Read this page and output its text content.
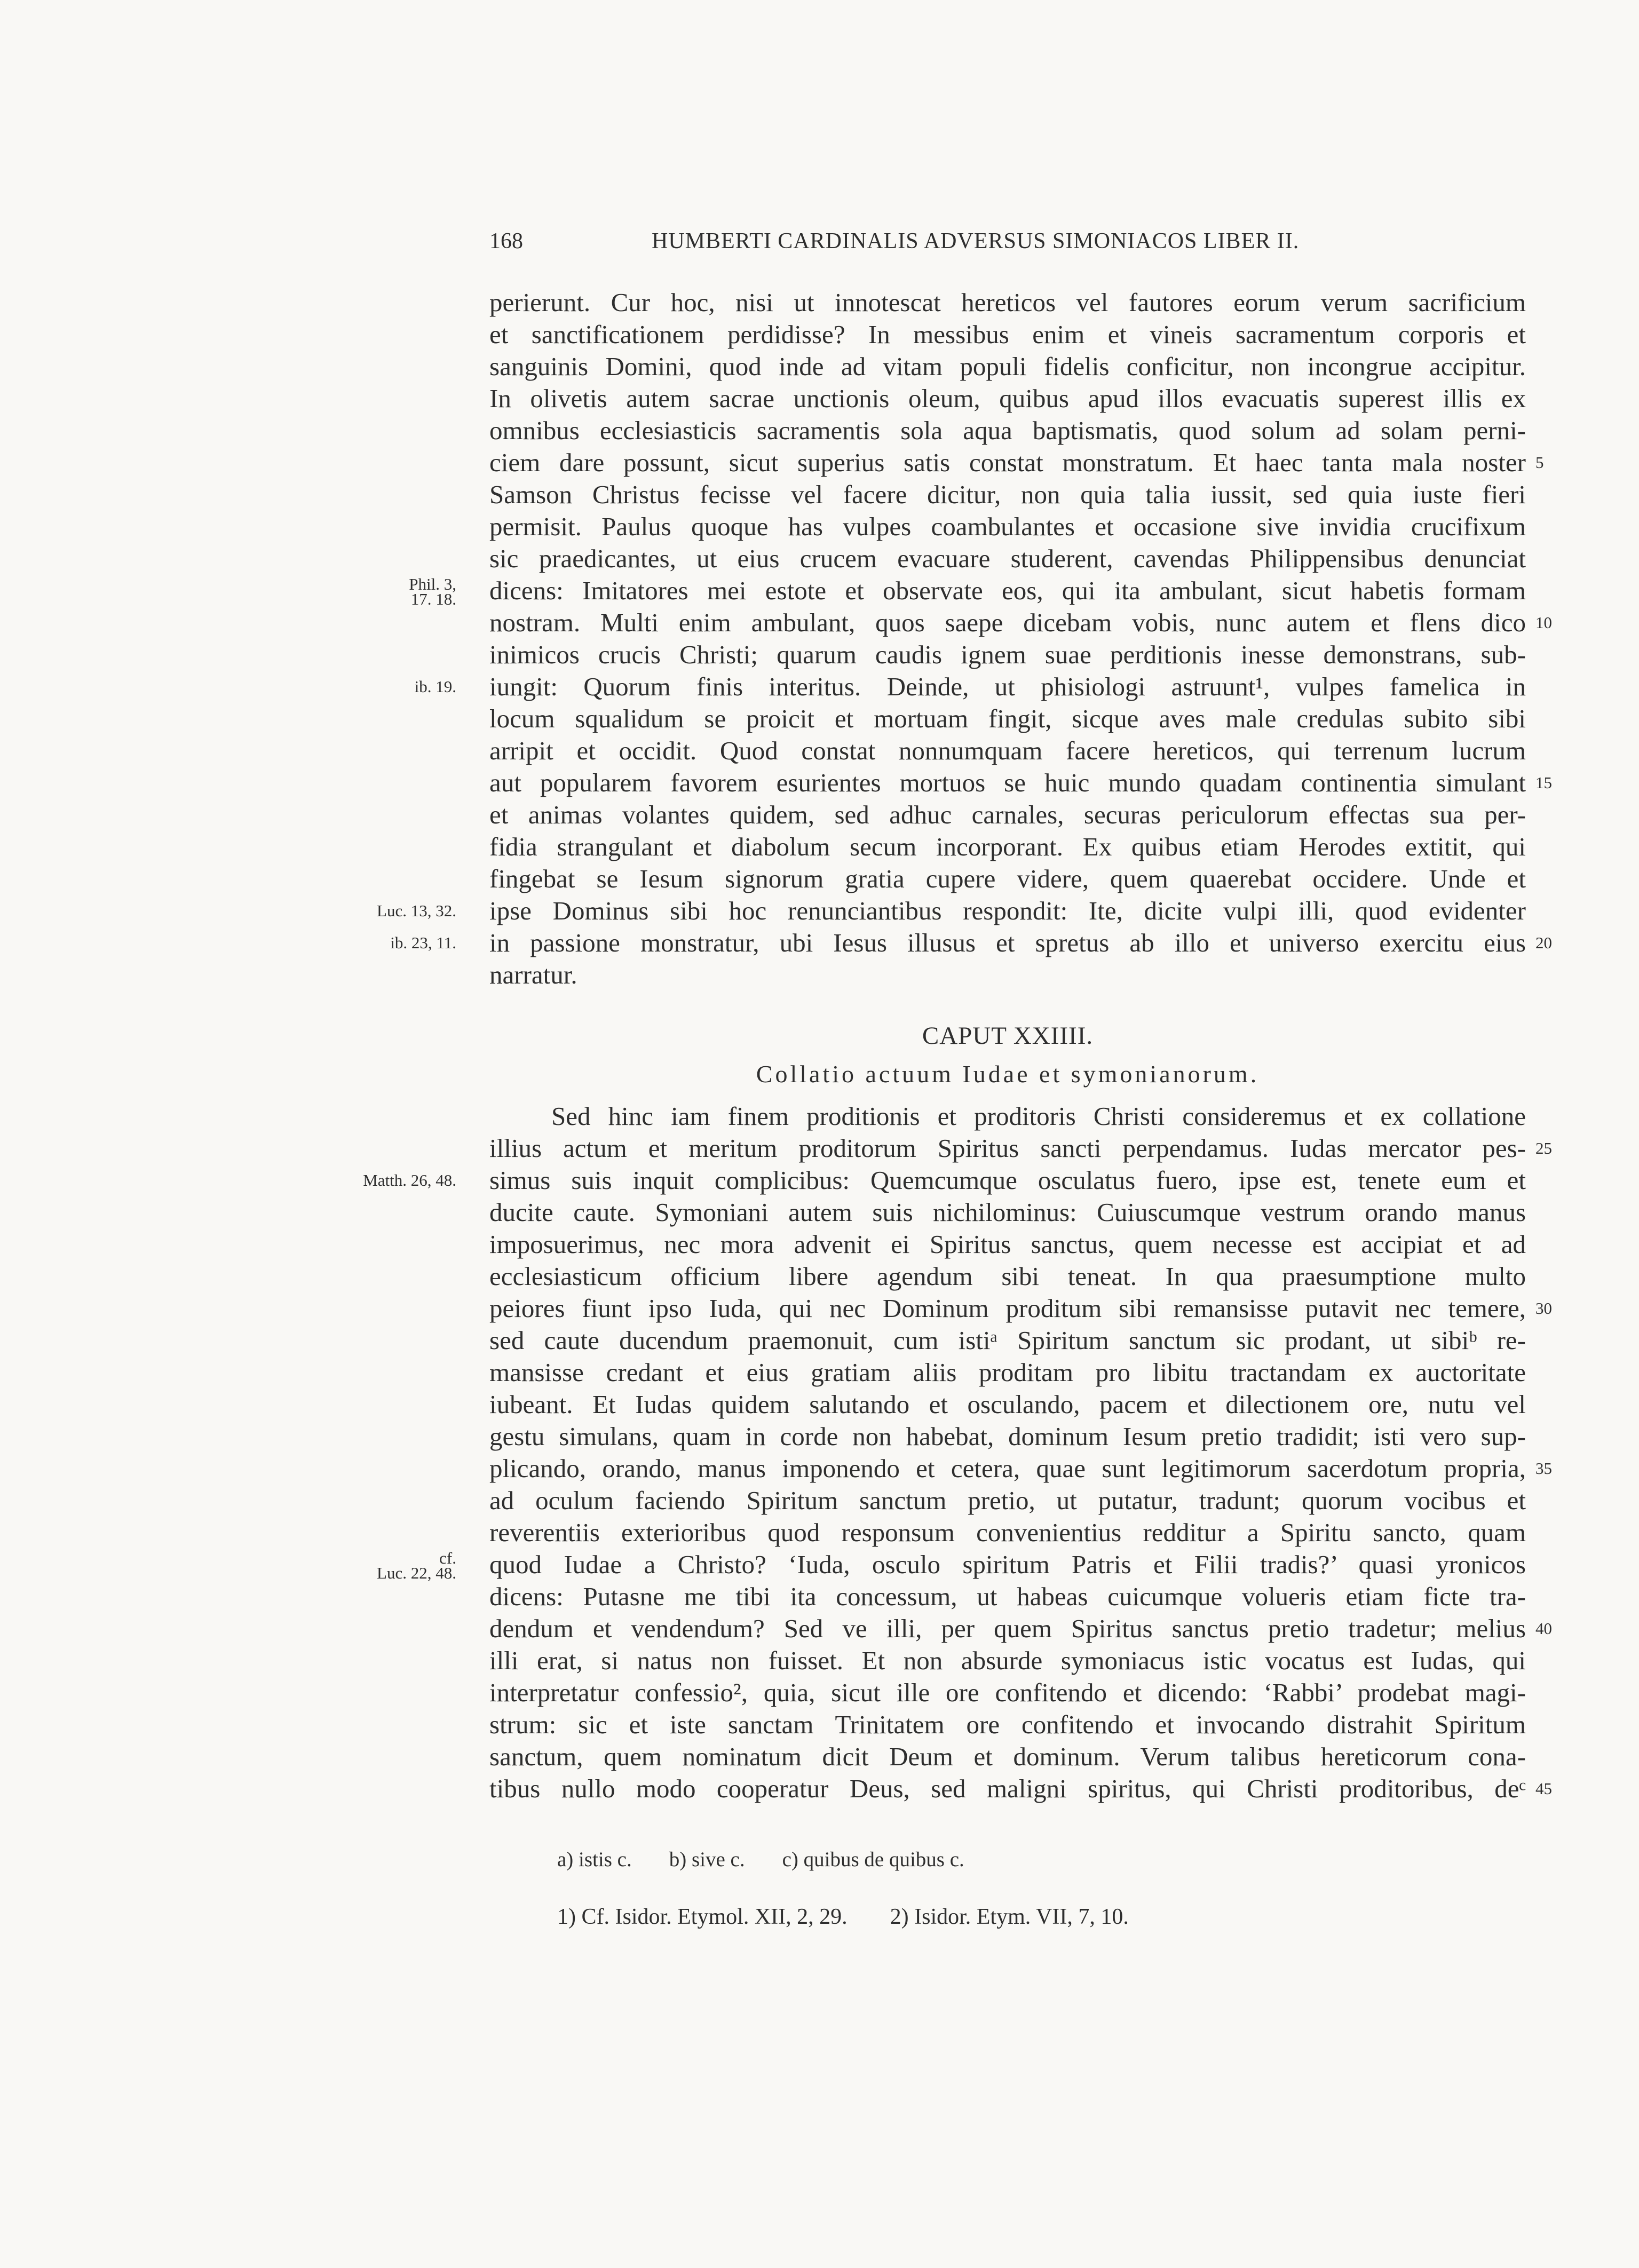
168	HUMBERTI CARDINALIS ADVERSUS SIMONIACOS LIBER II.
perierunt. Cur hoc, nisi ut innotescat hereticos vel fautores eorum verum sacrificium
et sanctificationem perdidisse? In messibus enim et vineis sacramentum corporis et
sanguinis Domini, quod inde ad vitam populi fidelis conficitur, non incongrue accipitur.
In olivetis autem sacrae unctionis oleum, quibus apud illos evacuatis superest illis ex
omnibus ecclesiasticis sacramentis sola aqua baptismatis, quod solum ad solam perni-
5
ciem dare possunt, sicut superius satis constat monstratum. Et haec tanta mala noster
Samson Christus fecisse vel facere dicitur, non quia talia iussit, sed quia iuste fieri
permisit. Paulus quoque has vulpes coambulantes et occasione sive invidia crucifixum
sic praedicantes, ut eius crucem evacuare studerent, cavendas Philippensibus denunciat
Phil. 3,
17. 18. dicens: Imitatores mei estote et observate eos, qui ita ambulant, sicut habetis formam
10
nostram. Multi enim ambulant, quos saepe dicebam vobis, nunc autem et flens dico
inimicos crucis Christi; quarum caudis ignem suae perditionis inesse demonstrans, sub-
ib. 19. iungit: Quorum finis interitus. Deinde, ut phisiologi astruunt¹, vulpes famelica in
locum squalidum se proicit et mortuam fingit, sicque aves male credulas subito sibi
arripit et occidit. Quod constat nonnumquam facere hereticos, qui terrenum lucrum
15
aut popularem favorem esurientes mortuos se huic mundo quadam continentia simulant
et animas volantes quidem, sed adhuc carnales, securas periculorum effectas sua per-
fidia strangulant et diabolum secum incorporant. Ex quibus etiam Herodes extitit, qui
fingebat se Iesum signorum gratia cupere videre, quem quaerebat occidere. Unde et
Luc. 13, 32. ipse Dominus sibi hoc renunciantibus respondit: Ite, dicite vulpi illi, quod evidenter
20
ib. 23, 11. in passione monstratur, ubi Iesus illusus et spretus ab illo et universo exercitu eius
narratur.
CAPUT XXIIII.
Collatio actuum Iudae et symonianorum.
Sed hinc iam finem proditionis et proditoris Christi consideremus et ex collatione
25
illius actum et meritum proditorum Spiritus sancti perpendamus. Iudas mercator pes-
Matth. 26, 48. simus suis inquit complicibus: Quemcumque osculatus fuero, ipse est, tenete eum et
ducite caute. Symoniani autem suis nichilominus: Cuiuscumque vestrum orando manus
imposuerimus, nec mora advenit ei Spiritus sanctus, quem necesse est accipiat et ad
ecclesiasticum officium libere agendum sibi teneat. In qua praesumptione multo
30
peiores fiunt ipso Iuda, qui nec Dominum proditum sibi remansisse putavit nec temere,
sed caute ducendum praemonuit, cum istiᵃ Spiritum sanctum sic prodant, ut sibiᵇ re-
mansisse credant et eius gratiam aliis proditam pro libitu tractandam ex auctoritate
iubeant. Et Iudas quidem salutando et osculando, pacem et dilectionem ore, nutu vel
gestu simulans, quam in corde non habebat, dominum Iesum pretio tradidit; isti vero sup-
35
plicando, orando, manus imponendo et cetera, quae sunt legitimorum sacerdotum propria,
ad oculum faciendo Spiritum sanctum pretio, ut putatur, tradunt; quorum vocibus et
reverentiis exterioribus quod responsum convenientius redditur a Spiritu sancto, quam
cf.
Luc. 22, 48. quod Iudae a Christo? ‘Iuda, osculo spiritum Patris et Filii tradis?’ quasi yronicos
dicens: Putasne me tibi ita concessum, ut habeas cuicumque volueris etiam ficte tra-
40
dendum et vendendum? Sed ve illi, per quem Spiritus sanctus pretio tradetur; melius
illi erat, si natus non fuisset. Et non absurde symoniacus istic vocatus est Iudas, qui
interpretatur confessio², quia, sicut ille ore confitendo et dicendo: ‘Rabbi’ prodebat magi-
strum: sic et iste sanctam Trinitatem ore confitendo et invocando distrahit Spiritum
sanctum, quem nominatum dicit Deum et dominum. Verum talibus hereticorum cona-
45
tibus nullo modo cooperatur Deus, sed maligni spiritus, qui Christi proditoribus, deᶜ
a) istis c. b) sive c. c) quibus de quibus c.
1) Cf. Isidor. Etymol. XII, 2, 29. 2) Isidor. Etym. VII, 7, 10.
